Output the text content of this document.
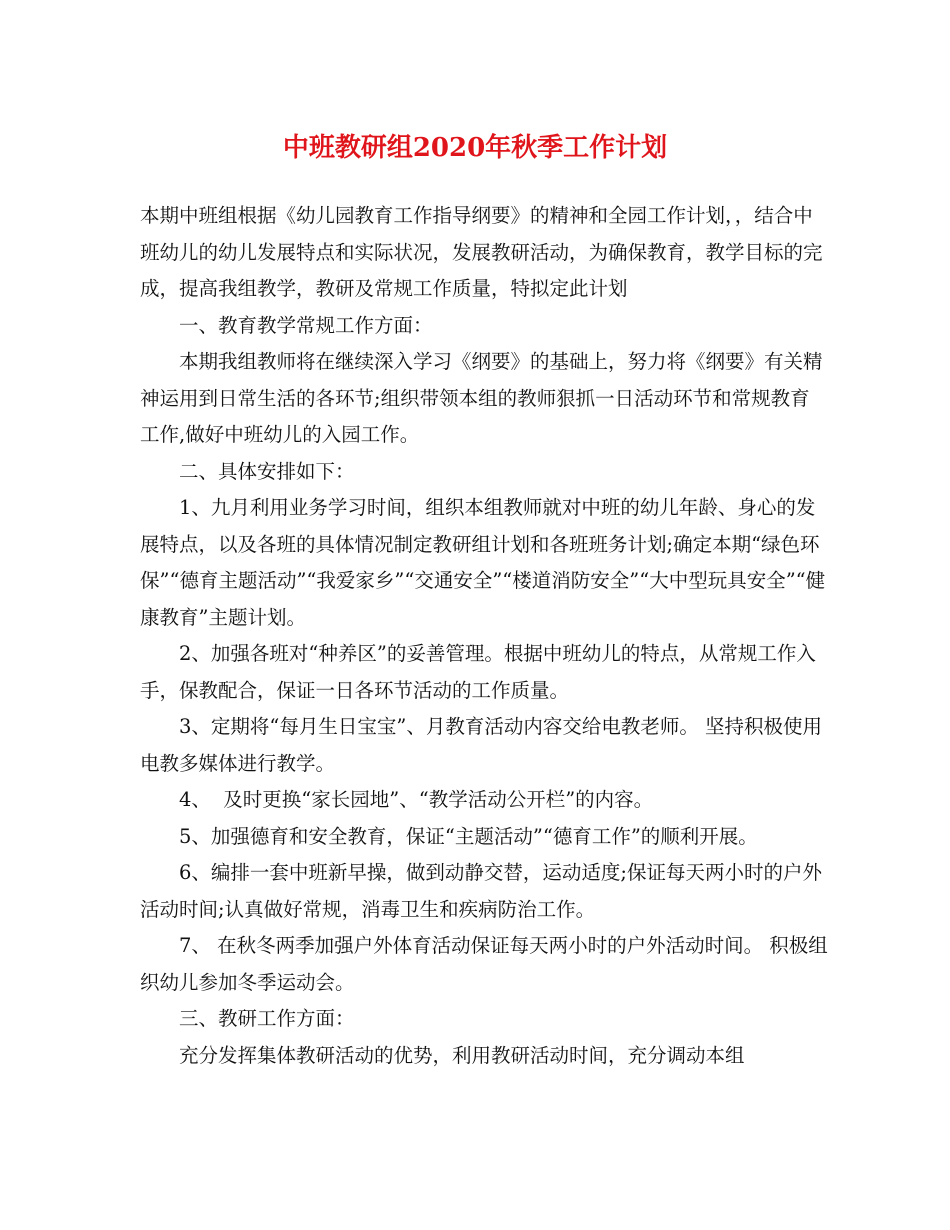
中班教研组2020年秋季工作计划

本期中班组根据《幼儿园教育工作指导纲要》的精神和全园工作计划，，结合中班幼儿的幼儿发展特点和实际状况，发展教研活动，为确保教育，教学目标的完成，提高我组教学，教研及常规工作质量，特拟定此计划

一、教育教学常规工作方面：

本期我组教师将在继续深入学习《纲要》的基础上，努力将《纲要》有关精神运用到日常生活的各环节;组织带领本组的教师狠抓一日活动环节和常规教育工作,做好中班幼儿的入园工作。

二、具体安排如下：

1、九月利用业务学习时间，组织本组教师就对中班的幼儿年龄、身心的发展特点，以及各班的具体情况制定教研组计划和各班班务计划;确定本期“绿色环保”“德育主题活动”“我爱家乡”“交通安全”“楼道消防安全”“大中型玩具安全”“健康教育”主题计划。

2、加强各班对“种养区”的妥善管理。根据中班幼儿的特点，从常规工作入手，保教配合，保证一日各环节活动的工作质量。

3、定期将“每月生日宝宝”、月教育活动内容交给电教老师。 坚持积极使用电教多媒体进行教学。

4、  及时更换“家长园地”、“教学活动公开栏”的内容。

5、加强德育和安全教育，保证“主题活动”“德育工作”的顺利开展。

6、编排一套中班新早操，做到动静交替，运动适度;保证每天两小时的户外活动时间;认真做好常规，消毒卫生和疾病防治工作。

7、 在秋冬两季加强户外体育活动保证每天两小时的户外活动时间。 积极组织幼儿参加冬季运动会。

三、教研工作方面：

充分发挥集体教研活动的优势，利用教研活动时间，充分调动本组
